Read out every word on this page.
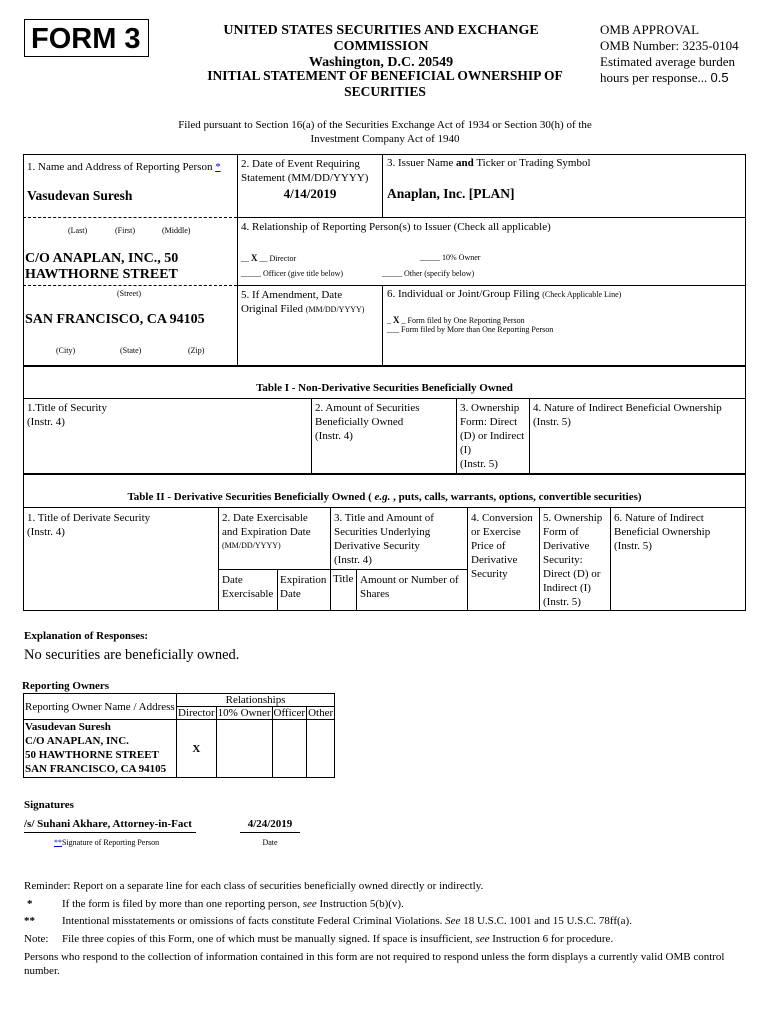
FORM 3	UNITED STATES SECURITIES AND EXCHANGE COMMISSION
Washington, D.C. 20549
OMB APPROVAL
OMB Number: 3235-0104
Estimated average burden
hours per response... 0.5
INITIAL STATEMENT OF BENEFICIAL OWNERSHIP OF
SECURITIES
Filed pursuant to Section 16(a) of the Securities Exchange Act of 1934 or Section 30(h) of the
Investment Company Act of 1940
1. Name and Address of Reporting Person *
Vasudevan Suresh
(Last)	(First)	(Middle)
C/O ANAPLAN, INC., 50
HAWTHORNE STREET
(Street)
SAN FRANCISCO, CA 94105
(City)	(State)	(Zip)
2. Date of Event Requiring
Statement (MM/DD/YYYY)
4/14/2019
3. Issuer Name and Ticker or Trading Symbol
Anaplan, Inc. [PLAN]
4. Relationship of Reporting Person(s) to Issuer (Check all applicable)
__ X __ Director	_____ 10% Owner
_____ Officer (give title below)	_____ Other (specify below)
5. If Amendment, Date
Original Filed (MM/DD/YYYY)
6. Individual or Joint/Group Filing (Check Applicable Line)
_ X _ Form filed by One Reporting Person
___ Form filed by More than One Reporting Person
Table I - Non-Derivative Securities Beneficially Owned
1.Title of Security
(Instr. 4)
2. Amount of Securities
Beneficially Owned
(Instr. 4)
3. Ownership
Form: Direct
(D) or Indirect
(I)
(Instr. 5)
4. Nature of Indirect Beneficial Ownership
(Instr. 5)
Table II - Derivative Securities Beneficially Owned ( e.g. , puts, calls, warrants, options, convertible securities)
1. Title of Derivate Security
(Instr. 4)
2. Date Exercisable
and Expiration Date
(MM/DD/YYYY)
Date
Exercisable
Expiration
Date
3. Title and Amount of
Securities Underlying
Derivative Security
(Instr. 4)
Title Amount or Number of
Shares
4. Conversion
or Exercise
Price of
Derivative
Security
5. Ownership
Form of
Derivative
Security:
Direct (D) or
Indirect (I)
(Instr. 5)
6. Nature of Indirect
Beneficial Ownership
(Instr. 5)
Explanation of Responses:
No securities are beneficially owned.
Reporting Owners
Reporting Owner Name / Address	Relationships			
	Director	10% Owner	Officer	Other

Vasudevan Suresh
C/O ANAPLAN, INC.
50 HAWTHORNE STREET
SAN FRANCISCO, CA 94105	X			
Signatures
/s/ Suhani Akhare, Attorney-in-Fact	4/24/2019
**Signature of Reporting Person	Date
Reminder: Report on a separate line for each class of securities beneficially owned directly or indirectly.
*	If the form is filed by more than one reporting person, see Instruction 5(b)(v).
** Intentional misstatements or omissions of facts constitute Federal Criminal Violations. See 18 U.S.C. 1001 and 15 U.S.C. 78ff(a).
Note: File three copies of this Form, one of which must be manually signed. If space is insufficient, see Instruction 6 for procedure.
Persons who respond to the collection of information contained in this form are not required to respond unless the form displays a currently valid OMB control
number.
